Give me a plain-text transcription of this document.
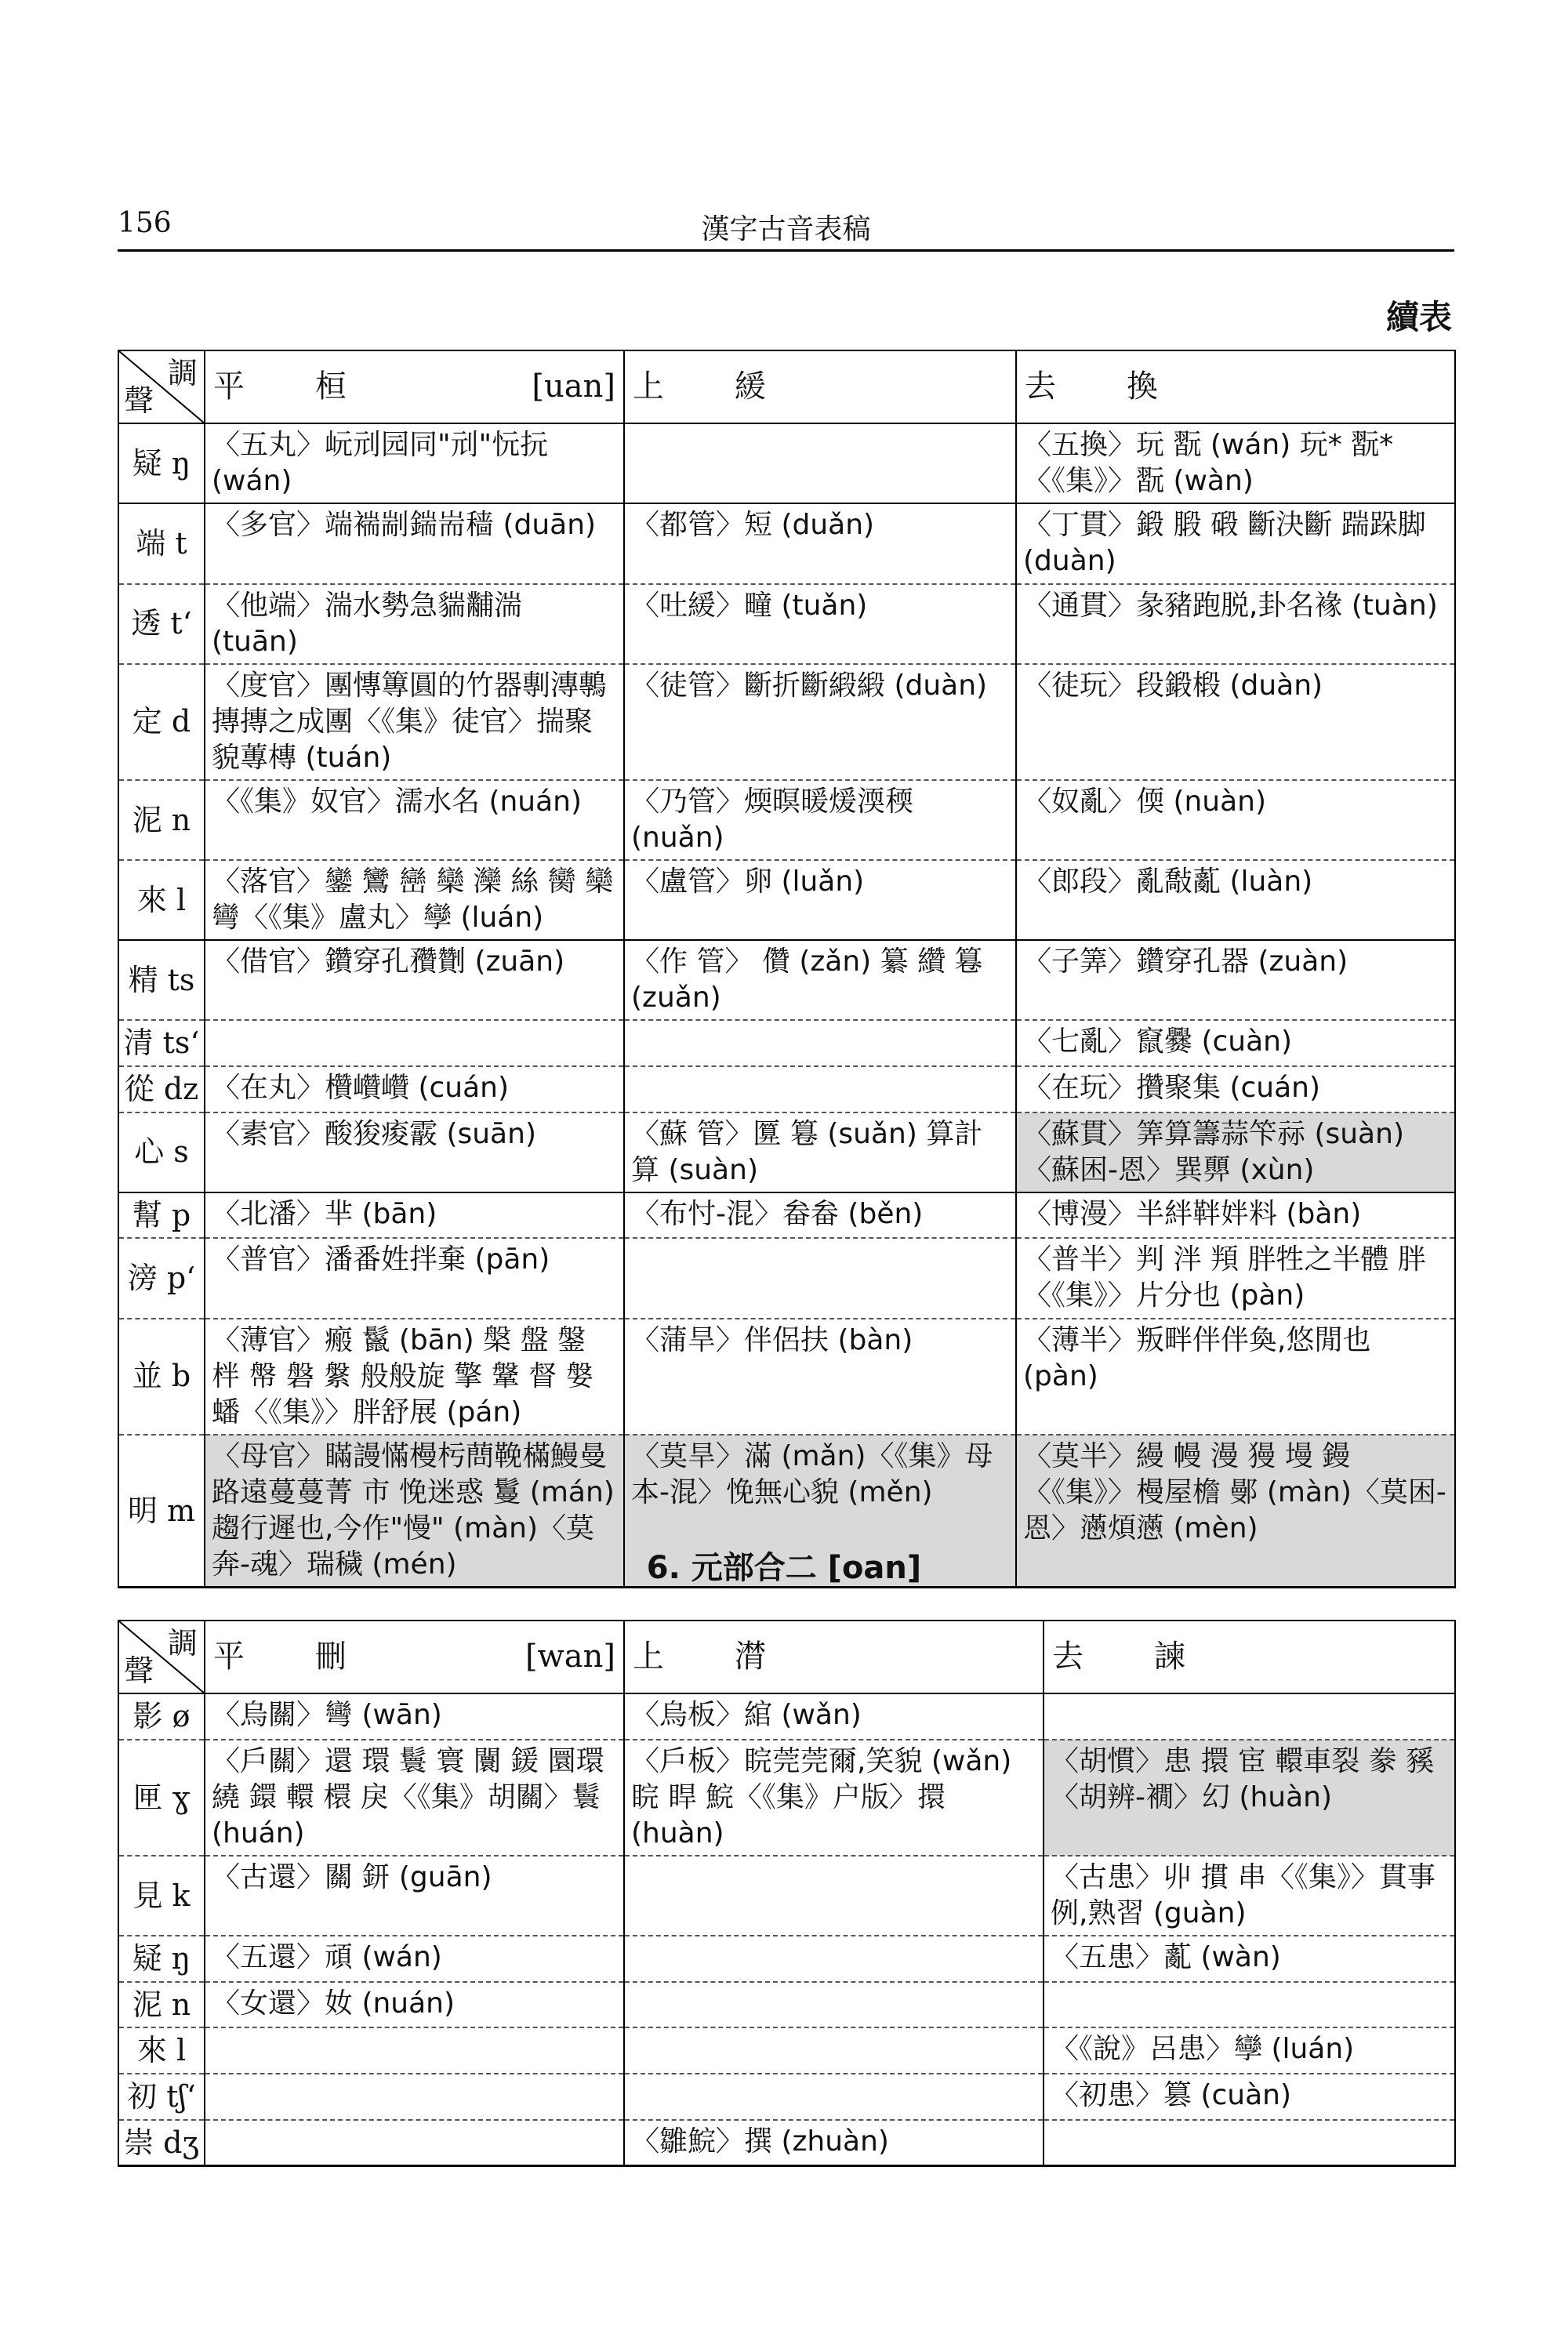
156	漢字古音表稿
續表
調
聲	平 桓 [uan]	上 緩	去 換

疑 ŋ	〈五丸〉岏刓园同"刓"忨抏 (wán)		〈五換〉玩 翫 (wán) 玩* 翫* 〈《集》〉翫 (wàn)
端 t	〈多官〉端褍剬鍴耑穑 (duān)	〈都管〉短 (duǎn)	〈丁貫〉鍛 腶 碫 斷決斷 踹跺脚 (duàn)
透 tʻ	〈他端〉湍水勢急貒黼湍 (tuān)	〈吐緩〉疃 (tuǎn)	〈通貫〉彖豬跑脱,卦名褖 (tuàn)
定 d	〈度官〉團慱篿圓的竹器剸漙鷒摶摶之成團〈《集》徒官〉揣聚貌蓴槫 (tuán)	〈徒管〉斷折斷緞緞 (duàn)	〈徒玩〉段鍛椴 (duàn)
泥 n	〈《集》奴官〉濡水名 (nuán)	〈乃管〉煗暝暖煖渜稬 (nuǎn)	〈奴亂〉偄 (nuàn)
來 l	〈落官〉鑾 鸞 巒 欒 灤 絲 臠 欒 彎〈《集》盧丸〉孿 (luán)	〈盧管〉卵 (luǎn)	〈郎段〉亂敽薍 (luàn)
精 ts	〈借官〉鑽穿孔䂎劗 (zuān)	〈作 管〉 儹 (zǎn) 纂 纘 篹 (zuǎn)	〈子筭〉鑽穿孔器 (zuàn)
清 tsʻ			〈七亂〉竄爨 (cuàn)
從 dz	〈在丸〉欑巑巑 (cuán)		〈在玩〉攢聚集 (cuán)
心 s	〈素官〉酸狻痠霰 (suān)	〈蘇 管〉匴 篹 (suǎn) 算計算 (suàn)	〈蘇貫〉筭算籌蒜笇祘 (suàn)〈蘇困-恩〉巽顨 (xùn)
幫 p	〈北潘〉芈 (bān)	〈布忖-混〉畚畚 (běn)	〈博漫〉半絆靽姅料 (bàn)
滂 pʻ	〈普官〉潘番姓拌棄 (pān)		〈普半〉判 泮 頖 胖牲之半體 胖〈《集》〉片分也 (pàn)
並 b	〈薄官〉瘢 鬣 (bān) 槃 盤 鎜 柈 幋 磐 縏 般般旋 擎 鞶 督 媻 蟠〈《集》〉胖舒展 (pán)	〈蒲旱〉伴侶扶 (bàn)	〈薄半〉叛畔伴伴奐,悠閒也 (pàn)
明 m	〈母官〉瞞謾慲槾杇蔄鞔樠鰻曼路遠蔓蔓菁 市 悗迷惑 鬘 (mán) 趨行遲也,今作"慢" (màn)〈莫奔-魂〉瑞穢 (mén)	〈莫旱〉滿 (mǎn)〈《集》母本-混〉悗無心貌 (měn)	〈莫半〉縵 幔 漫 獌 墁 鏝〈《集》〉槾屋檐 鄤 (màn)〈莫困-恩〉懣煩懣 (mèn)
6. 元部合二 [oan]
調
聲	平 刪 [wan]	上 潸	去 諫

影 ø	〈烏關〉彎 (wān)	〈烏板〉綰 (wǎn)	
匣 ɣ	〈戶關〉還 環 鬟 寰 闤 鍰 圜環繞 鐶 轘 檈 戾〈《集》胡關〉鬟 (huán)	〈戶板〉睆莞莞爾,笑貌 (wǎn) 睆 睅 鯇〈《集》户版〉擐 (huàn)	〈胡慣〉患 擐 宦 轘車裂 豢 豯〈胡辨-襉〉幻 (huàn)
見 k	〈古還〉關 鈃 (guān)		〈古患〉丱 摜 串〈《集》〉貫事例,熟習 (guàn)
疑 ŋ	〈五還〉頑 (wán)		〈五患〉薍 (wàn)
泥 n	〈女還〉奻 (nuán)		
來 l			〈《說》呂患〉孿 (luán)
初 tʃʻ			〈初患〉篡 (cuàn)
崇 dʒ		〈雛鯇〉撰 (zhuàn)	
